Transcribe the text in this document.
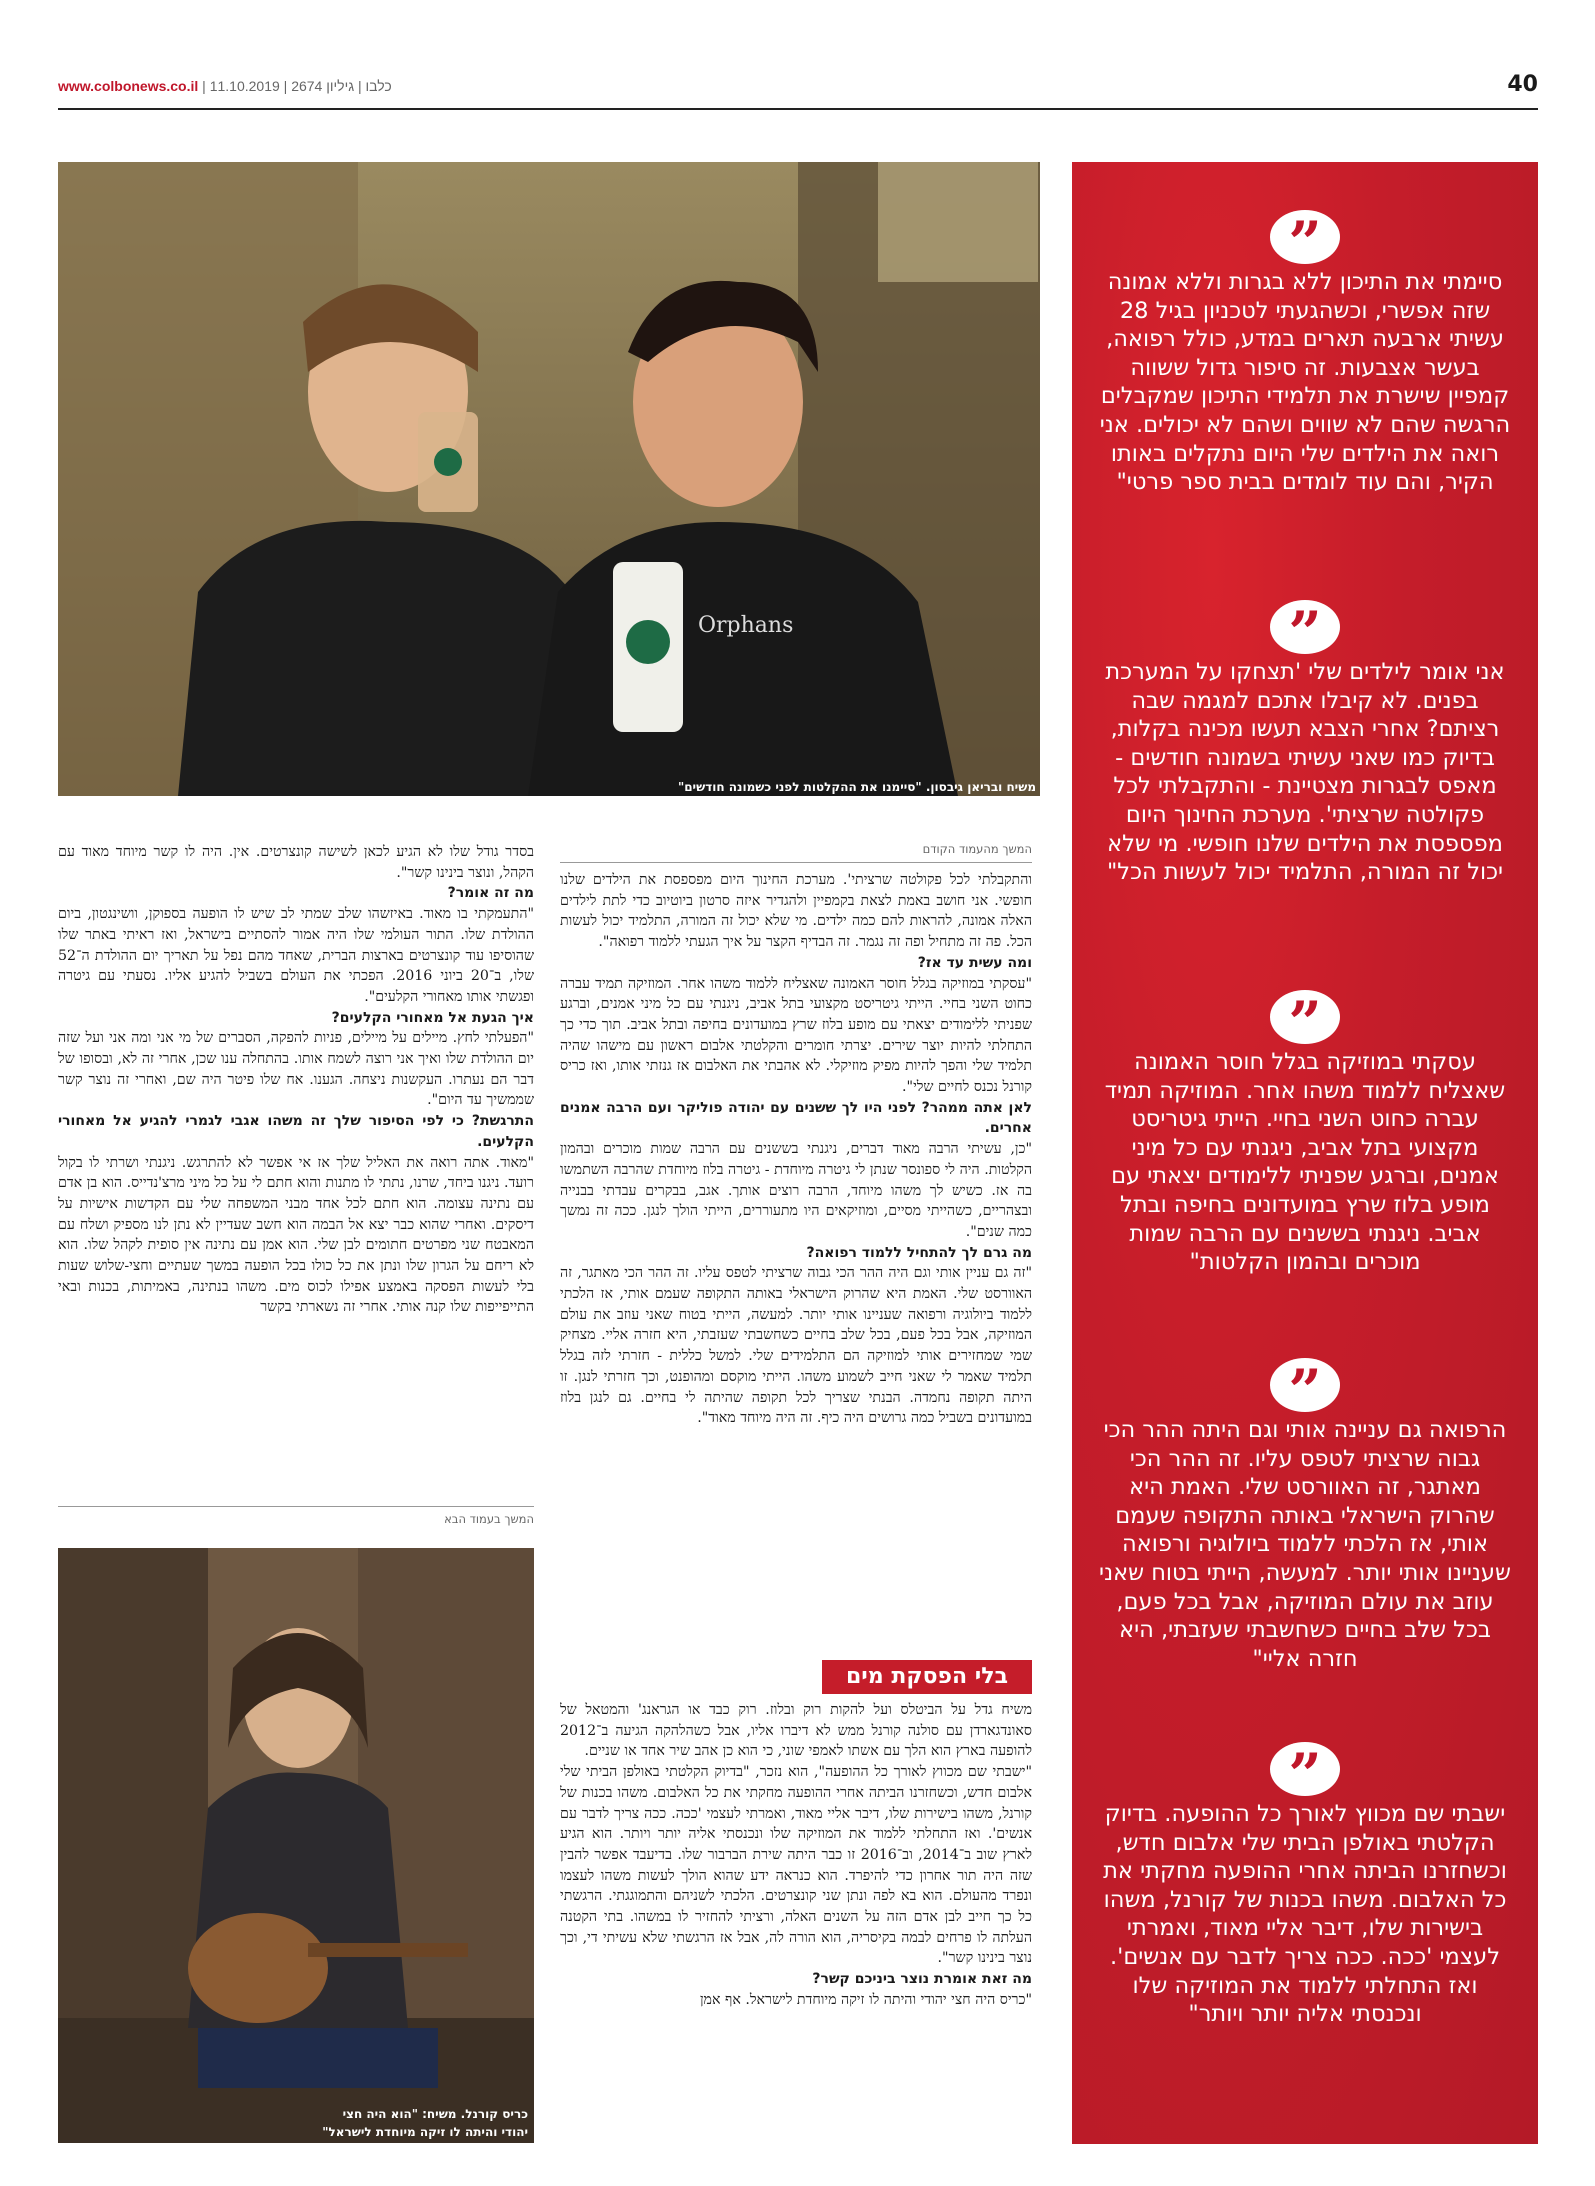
www.colbonews.co.il | כלבו | גיליון 2674 | 11.10.2019	40
Orphans
משיח ובריאן גיבסון. "סיימנו את ההקלטות לפני כשמונה חודשים"
”

סיימתי את התיכון ללא בגרות וללא אמונה שזה אפשרי, וכשהגעתי לטכניון בגיל 28 עשיתי ארבעה תארים במדע, כולל רפואה, בעשר אצבעות. זה סיפור גדול ששווה קמפיין שישרת את תלמידי התיכון שמקבלים הרגשה שהם לא שווים ושהם לא יכולים. אני רואה את הילדים שלי היום נתקלים באותו הקיר, והם עוד לומדים בבית ספר פרטי"

”

אני אומר לילדים שלי 'תצחקו על המערכת בפנים. לא קיבלו אתכם למגמה שבה רציתם? אחרי הצבא תעשו מכינה בקלות, בדיוק כמו שאני עשיתי בשמונה חודשים - מאפס לבגרות מצטיינת - והתקבלתי לכל פקולטה שרציתי'. מערכת החינוך היום מפספסת את הילדים שלנו חופשי. מי שלא יכול זה המורה, התלמיד יכול לעשות הכל"

”

עסקתי במוזיקה בגלל חוסר האמונה שאצליח ללמוד משהו אחר. המוזיקה תמיד עברה כחוט השני בחיי. הייתי גיטריסט מקצועי בתל אביב, ניגנתי עם כל מיני אמנים, וברגע שפניתי ללימודים יצאתי עם מופע בלוז שרץ במועדונים בחיפה ובתל אביב. ניגנתי בששנים עם הרבה שמות מוכרים ובהמון הקלטות"

”

הרפואה גם עניינה אותי וגם היתה ההר הכי גבוה שרציתי לטפס עליו. זה ההר הכי מאתגר, זה האוורסט שלי. האמת היא שהרוק הישראלי באותה התקופה שעמם אותי, אז הלכתי ללמוד ביולוגיה ורפואה שעניינו אותי יותר. למעשה, הייתי בטוח שאני עוזב את עולם המוזיקה, אבל בכל פעם, בכל שלב בחיים כשחשבתי שעזבתי, היא חזרה אליי"

”

ישבתי שם מכווץ לאורך כל ההופעה. בדיוק הקלטתי באולפן הביתי שלי אלבום חדש, וכשחזרנו הביתה אחרי ההופעה מחקתי את כל האלבום. משהו בכנות של קורנל, משהו בישירות שלו, דיבר אליי מאוד, ואמרתי לעצמי 'ככה. ככה צריך לדבר עם אנשים'. ואז התחלתי ללמוד את המוזיקה שלו ונכנסתי אליה יותר ויותר"

המשך מהעמוד הקודם

והתקבלתי לכל פקולטה שרציתי'. מערכת החינוך היום מפספסת את הילדים שלנו חופשי. אני חושב באמת לצאת בקמפיין ולהגדיר איזה סרטון ביוטיוב כדי לתת לילדים האלה אמונה, להראות להם כמה ילדים. מי שלא יכול זה המורה, התלמיד יכול לעשות הכל. פה זה מתחיל ופה זה נגמר. זה הבדיף הקצר על איך הגעתי ללמוד רפואה".

ומה עשית עד אז?

"עסקתי במוזיקה בגלל חוסר האמונה שאצליח ללמוד משהו אחר. המוזיקה תמיד עברה כחוט השני בחיי. הייתי גיטריסט מקצועי בתל אביב, ניגנתי עם כל מיני אמנים, וברגע שפניתי ללימודים יצאתי עם מופע בלוז שרץ במועדונים בחיפה ובתל אביב. תוך כדי כך התחלתי להיות יוצר שירים. יצרתי חומרים והקלטתי אלבום ראשון עם מישהו שהיה תלמיד שלי והפך להיות מפיק מוזיקלי. לא אהבתי את האלבום אז גנזתי אותו, ואז כריס קורנל נכנס לחיים שלי".

לאן אתה ממהר? לפני היו לך ששנים עם יהודה פוליקר ועם הרבה אמנים אחרים.

"כן, עשיתי הרבה מאוד דברים, ניגנתי בששנים עם הרבה שמות מוכרים ובהמון הקלטות. היה לי ספונסר שנתן לי גיטרה מיוחדת - גיטרה בלוז מיוחדת שהרבה השתמשו בה אז. כשיש לך משהו מיוחד, הרבה רוצים אותך. אגב, בבקרים עבדתי בבנייה ובצהריים, כשהייתי מסיים, ומוזיקאים היו מתעוררים, הייתי הולך לנגן. ככה זה נמשך כמה שנים".

מה גרם לך להתחיל ללמוד רפואה?

"זה גם עניין אותי וגם היה ההר הכי גבוה שרציתי לטפס עליו. זה ההר הכי מאתגר, זה האוורסט שלי. האמת היא שהרוק הישראלי באותה התקופה שעמם אותי, אז הלכתי ללמוד ביולוגיה ורפואה שעניינו אותי יותר. למעשה, הייתי בטוח שאני עוזב את עולם המוזיקה, אבל בכל פעם, בכל שלב בחיים כשחשבתי שעזבתי, היא חזרה אליי. מצחיק שמי שמחזירים אותי למוזיקה הם התלמידים שלי. למשל כללית - חזרתי לזה בגלל תלמיד שאמר לי שאני חייב לשמוע משהו. הייתי מוקסם ומהופנט, וכך חזרתי לנגן. זו היתה תקופה נחמדה. הבנתי שצריך לכל תקופה שהיתה לי בחיים. גם לנגן בלוז במועדונים בשביל כמה גרושים היה כיף. זה היה מיוחד מאוד".

בלי הפסקת מים

משיח גדל על הביטלס ועל להקות רוק ובלוז. רוק כבד או הגראנג' והמטאל של סאונדגארדן עם סולנה קורנל ממש לא דיברו אליו, אבל כשהלהקה הגיעה ב־2012 להופעה בארץ הוא הלך עם אשתו לאמפי שוני, כי הוא כן אהב שיר אחד או שניים.

"ישבתי שם מכווץ לאורך כל ההופעה", הוא נזכר, "בדיוק הקלטתי באולפן הביתי שלי אלבום חדש, וכשחזרנו הביתה אחרי ההופעה מחקתי את כל האלבום. משהו בכנות של קורנל, משהו בישירות שלו, דיבר אליי מאוד, ואמרתי לעצמי 'ככה. ככה צריך לדבר עם אנשים'. ואז התחלתי ללמוד את המוזיקה שלו ונכנסתי אליה יותר ויותר. הוא הגיע לארץ שוב ב־2014, וב־2016 זו כבר היתה שירת הברבור שלו. בדיעבד אפשר להבין שזה היה תור אחרון כדי להיפרד. הוא כנראה ידע שהוא הולך לעשות משהו לעצמו ונפרד מהעולם. הוא בא לפה ונתן שני קונצרטים. הלכתי לשניהם והתמוגגתי. הרגשתי כל כך חייב לבן אדם הזה על השנים האלה, ורציתי להחזיר לו במשהו. בתי הקטנה העלתה לו פרחים לבמה בקיסריה, הוא הורה לה, אבל אז הרגשתי שלא עשיתי די, וכך נוצר בינינו קשר".

מה זאת אומרת נוצר ביניכם קשר?

"כריס היה חצי יהודי והיתה לו זיקה מיוחדת לישראל. אף אמן

בסדר גודל שלו לא הגיע לכאן לשישה קונצרטים. אין. היה לו קשר מיוחד מאוד עם הקהל, ונוצר בינינו קשר".

מה זה אומר?

"התעמקתי בו מאוד. באיזשהו שלב שמתי לב שיש לו הופעה בספוקן, וושינגטון, ביום ההולדת שלו. התור העולמי שלו היה אמור להסתיים בישראל, ואז ראיתי באתר שלו שהוסיפו עוד קונצרטים בארצות הברית, שאחד מהם נפל על תאריך יום ההולדת ה־52 שלו, ב־20 ביוני 2016. הפכתי את העולם בשביל להגיע אליו. נסעתי עם גיטרה ופגשתי אותו מאחורי הקלעים".

איך הגעת אל מאחורי הקלעים?

"הפעלתי לחץ. מיילים על מיילים, פניות להפקה, הסברים של מי אני ומה אני ועל שזה יום ההולדת שלו ואיך אני רוצה לשמח אותו. בהתחלה ענו שכן, אחרי זה לא, ובסופו של דבר הם נעתרו. העקשנות ניצחה. הגענו. אח שלו פיטר היה שם, ואחרי זה נוצר קשר שממשיך עד היום".

התרגשת? כי לפי הסיפור שלך זה משהו אגבי לגמרי להגיע אל מאחורי הקלעים.

"מאוד. אתה רואה את האליל שלך אז אי אפשר לא להתרגש. ניגנתי ושרתי לו בקול רועד. ניגנו ביחד, שרנו, נתתי לו מתנות והוא חתם לי על כל מיני מרצ'נדייס. הוא בן אדם עם נתינה עצומה. הוא חתם לכל אחד מבני המשפחה שלי עם הקדשות אישיות על דיסקים. ואחרי שהוא כבר יצא אל הבמה הוא חשב שעדיין לא נתן לנו מספיק ושלח עם המאבטח שני מפרטים חתומים לבן שלי. הוא אמן עם נתינה אין סופית לקהל שלו. הוא לא ריחם על הגרון שלו ונתן את כל כולו בכל הופעה במשך שעתיים וחצי-שלוש שעות בלי לעשות הפסקה באמצע אפילו לכוס מים. משהו בנתינה, באמיתות, בכנות ובאי התייפייפות שלו קנה אותי. אחרי זה נשארתי בקשר

המשך בעמוד הבא
כריס קורנל. משיח: "הוא היה חצי
יהודי והיתה לו זיקה מיוחדת לישראל"
